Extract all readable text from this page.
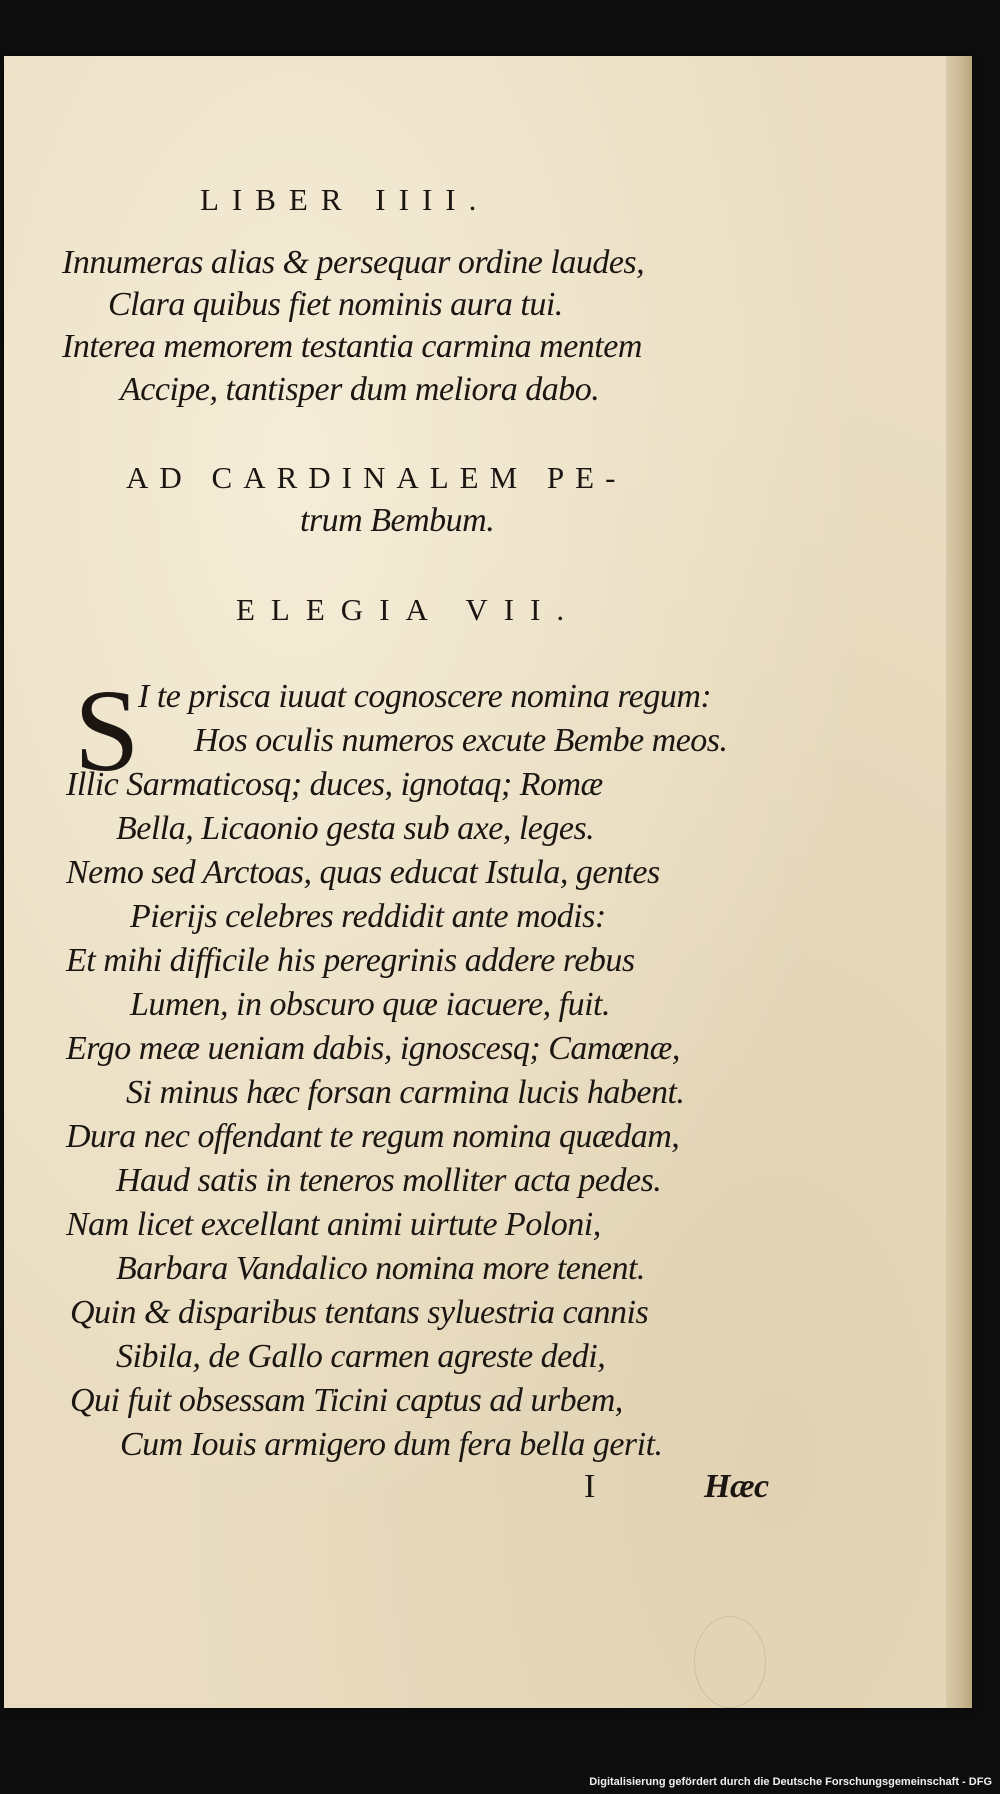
LIBER IIII.
Innumeras alias & persequar ordine laudes,
Clara quibus fiet nominis aura tui.
Interea memorem testantia carmina mentem
Accipe, tantisper dum meliora dabo.
AD CARDINALEM PE-
trum Bembum.
ELEGIA VII.
S
I te prisca iuuat cognoscere nomina regum:
Hos oculis numeros excute Bembe meos.
Illic Sarmaticosq; duces, ignotaq; Romæ
Bella, Licaonio gesta sub axe, leges.
Nemo sed Arctoas, quas educat Istula, gentes
Pierijs celebres reddidit ante modis:
Et mihi difficile his peregrinis addere rebus
Lumen, in obscuro quæ iacuere, fuit.
Ergo meæ ueniam dabis, ignoscesq; Camœnæ,
Si minus hæc forsan carmina lucis habent.
Dura nec offendant te regum nomina quædam,
Haud satis in teneros molliter acta pedes.
Nam licet excellant animi uirtute Poloni,
Barbara Vandalico nomina more tenent.
Quin & disparibus tentans syluestria cannis
Sibila, de Gallo carmen agreste dedi,
Qui fuit obsessam Ticini captus ad urbem,
Cum Iouis armigero dum fera bella gerit.
I	Hæc
Digitalisierung gefördert durch die Deutsche Forschungsgemeinschaft - DFG
